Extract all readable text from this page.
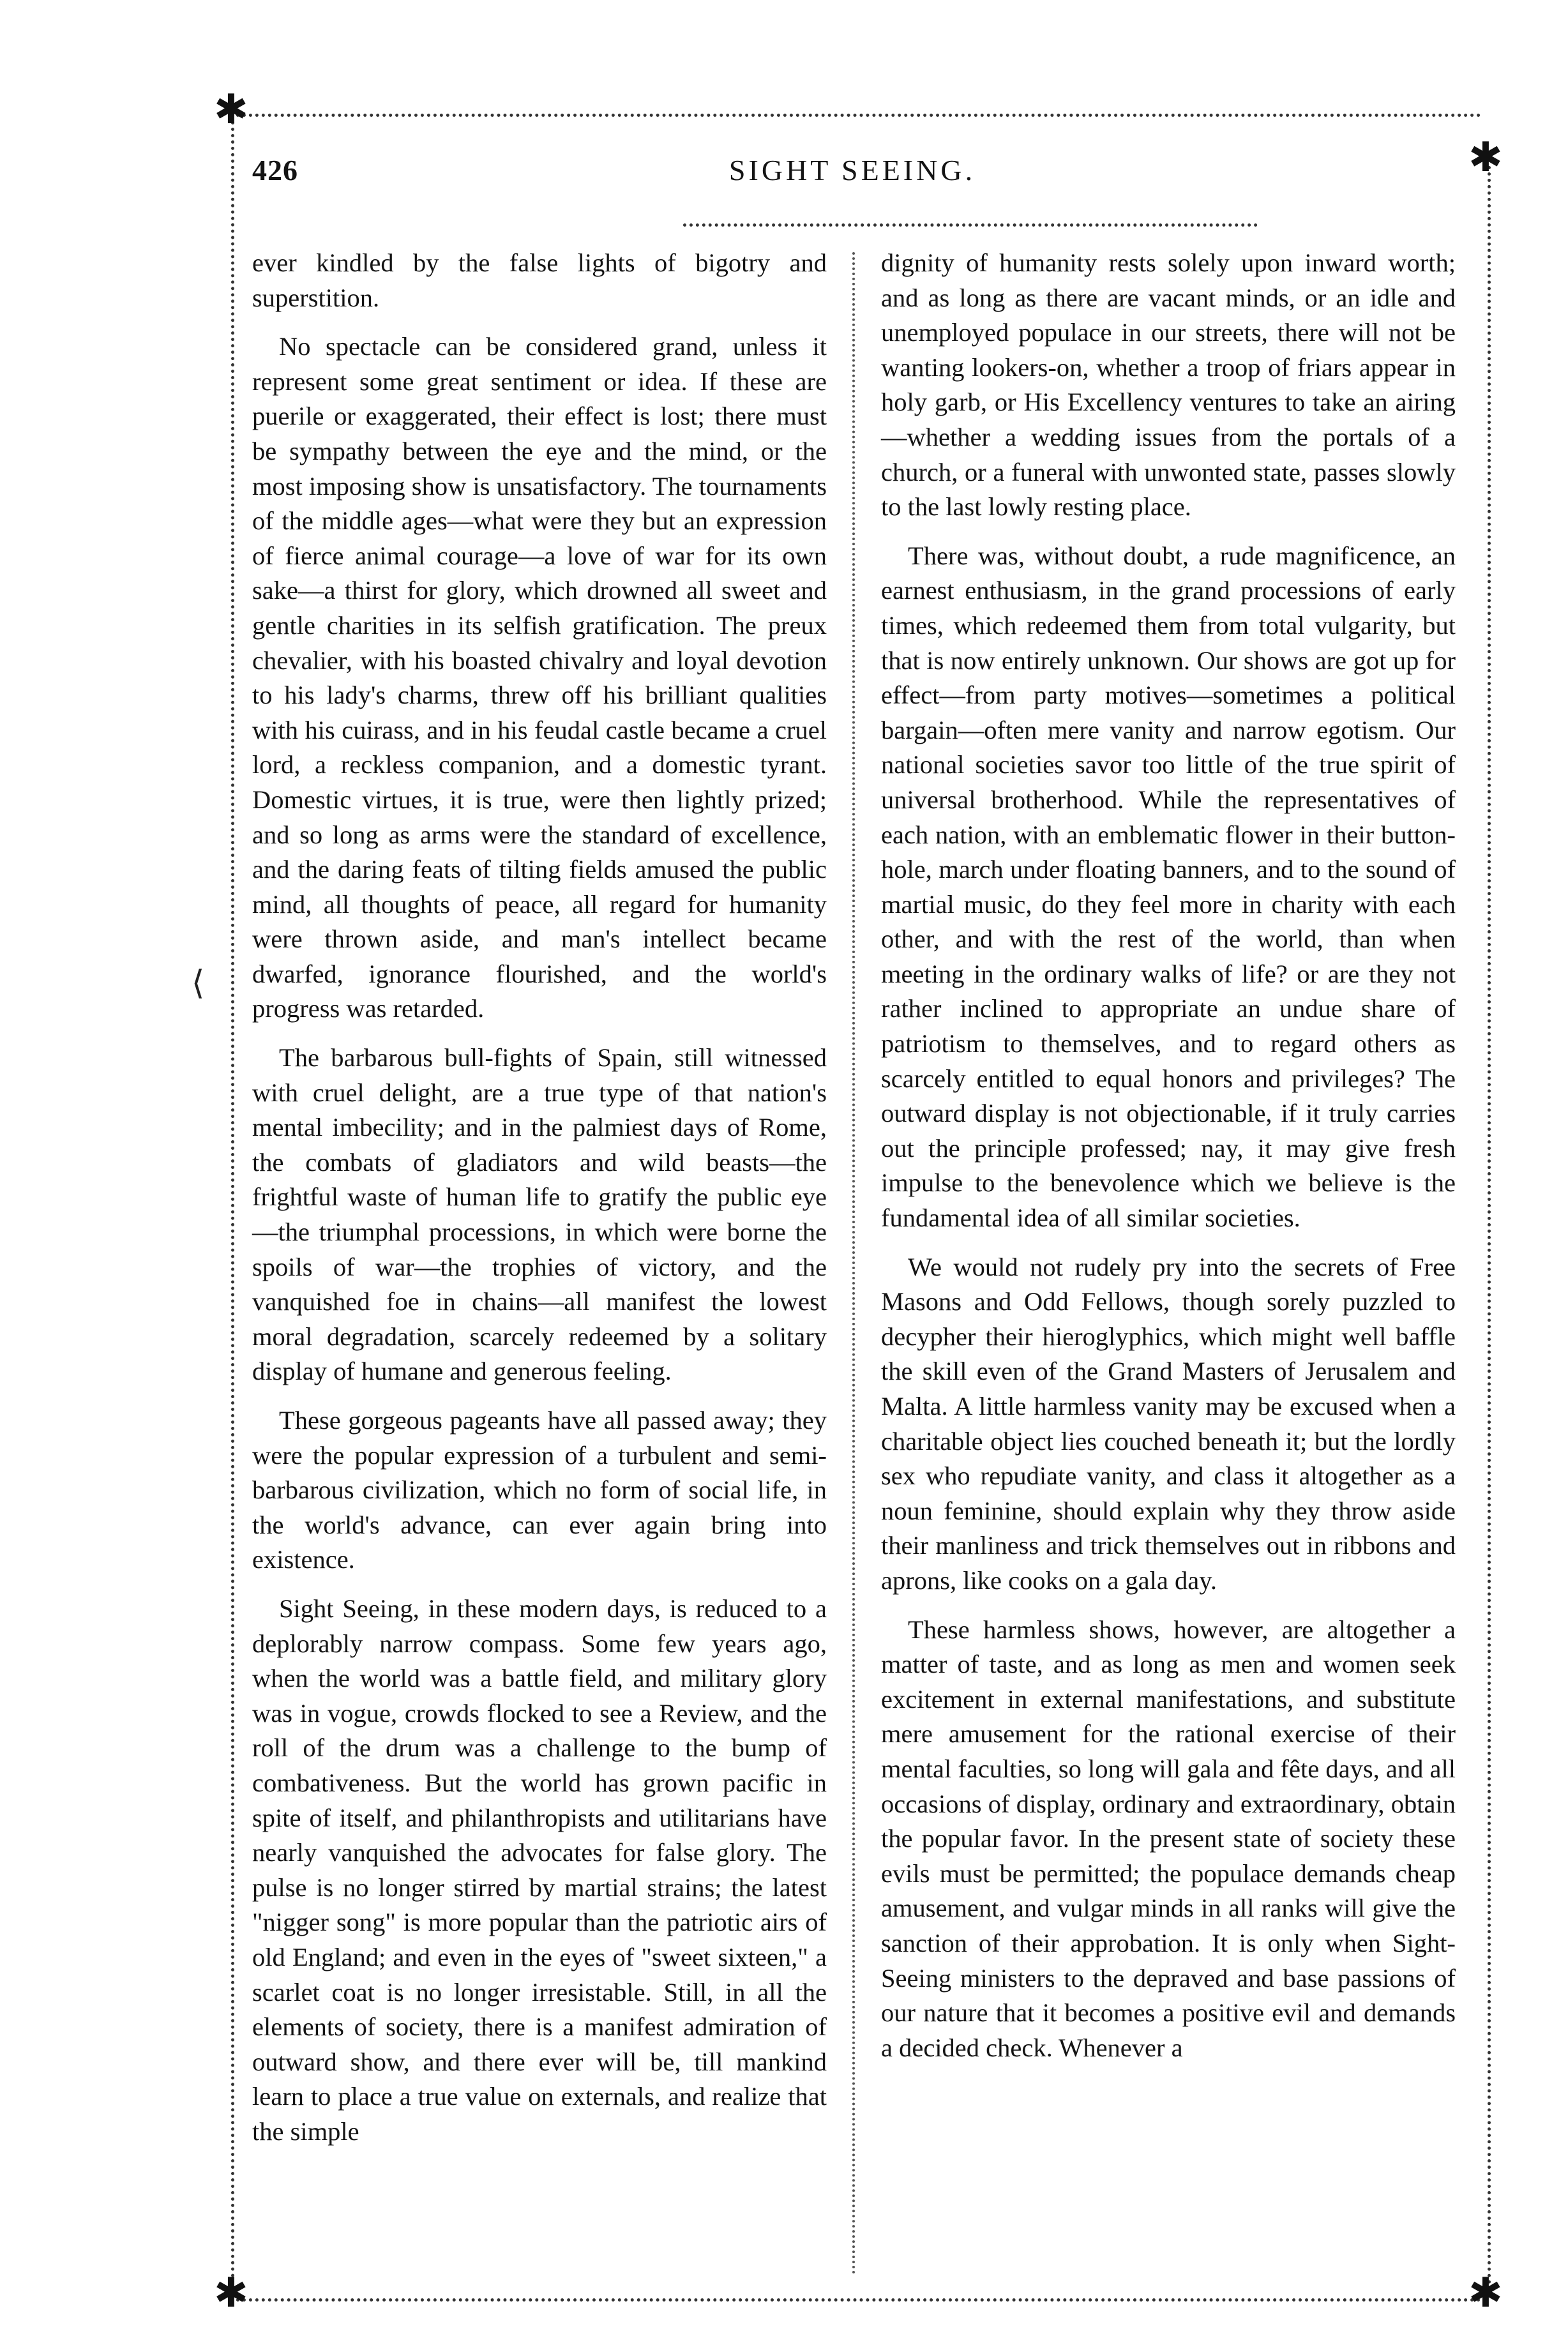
✱
✱
✱	✱
426	SIGHT SEEING.
⟨

ever kindled by the false lights of bigotry and superstition.

No spectacle can be considered grand, unless it represent some great sentiment or idea. If these are puerile or exaggerated, their effect is lost; there must be sympathy between the eye and the mind, or the most imposing show is unsatisfactory. The tournaments of the middle ages—what were they but an expression of fierce animal courage—a love of war for its own sake—a thirst for glory, which drowned all sweet and gentle charities in its selfish gratification. The preux chevalier, with his boasted chivalry and loyal devotion to his lady's charms, threw off his brilliant qualities with his cuirass, and in his feudal castle became a cruel lord, a reckless companion, and a domestic tyrant. Domestic virtues, it is true, were then lightly prized; and so long as arms were the standard of excellence, and the daring feats of tilting fields amused the public mind, all thoughts of peace, all regard for humanity were thrown aside, and man's intellect became dwarfed, ignorance flourished, and the world's progress was retarded.

The barbarous bull-fights of Spain, still witnessed with cruel delight, are a true type of that nation's mental imbecility; and in the palmiest days of Rome, the combats of gladiators and wild beasts—the frightful waste of human life to gratify the public eye—the triumphal processions, in which were borne the spoils of war—the trophies of victory, and the vanquished foe in chains—all manifest the lowest moral degradation, scarcely redeemed by a solitary display of humane and generous feeling.

These gorgeous pageants have all passed away; they were the popular expression of a turbulent and semi-barbarous civilization, which no form of social life, in the world's advance, can ever again bring into existence.

Sight Seeing, in these modern days, is reduced to a deplorably narrow compass. Some few years ago, when the world was a battle field, and military glory was in vogue, crowds flocked to see a Review, and the roll of the drum was a challenge to the bump of combativeness. But the world has grown pacific in spite of itself, and philanthropists and utilitarians have nearly vanquished the advocates for false glory. The pulse is no longer stirred by martial strains; the latest "nigger song" is more popular than the patriotic airs of old England; and even in the eyes of "sweet sixteen," a scarlet coat is no longer irresistable. Still, in all the elements of society, there is a manifest admiration of outward show, and there ever will be, till mankind learn to place a true value on externals, and realize that the simple

dignity of humanity rests solely upon inward worth; and as long as there are vacant minds, or an idle and unemployed populace in our streets, there will not be wanting lookers-on, whether a troop of friars appear in holy garb, or His Excellency ventures to take an airing—whether a wedding issues from the portals of a church, or a funeral with unwonted state, passes slowly to the last lowly resting place.

There was, without doubt, a rude magnificence, an earnest enthusiasm, in the grand processions of early times, which redeemed them from total vulgarity, but that is now entirely unknown. Our shows are got up for effect—from party motives—sometimes a political bargain—often mere vanity and narrow egotism. Our national societies savor too little of the true spirit of universal brotherhood. While the representatives of each nation, with an emblematic flower in their button-hole, march under floating banners, and to the sound of martial music, do they feel more in charity with each other, and with the rest of the world, than when meeting in the ordinary walks of life? or are they not rather inclined to appropriate an undue share of patriotism to themselves, and to regard others as scarcely entitled to equal honors and privileges? The outward display is not objectionable, if it truly carries out the principle professed; nay, it may give fresh impulse to the benevolence which we believe is the fundamental idea of all similar societies.

We would not rudely pry into the secrets of Free Masons and Odd Fellows, though sorely puzzled to decypher their hieroglyphics, which might well baffle the skill even of the Grand Masters of Jerusalem and Malta. A little harmless vanity may be excused when a charitable object lies couched beneath it; but the lordly sex who repudiate vanity, and class it altogether as a noun feminine, should explain why they throw aside their manliness and trick themselves out in ribbons and aprons, like cooks on a gala day.

These harmless shows, however, are altogether a matter of taste, and as long as men and women seek excitement in external manifestations, and substitute mere amusement for the rational exercise of their mental faculties, so long will gala and fête days, and all occasions of display, ordinary and extraordinary, obtain the popular favor. In the present state of society these evils must be permitted; the populace demands cheap amusement, and vulgar minds in all ranks will give the sanction of their approbation. It is only when Sight-Seeing ministers to the depraved and base passions of our nature that it becomes a positive evil and demands a decided check. Whenever a
